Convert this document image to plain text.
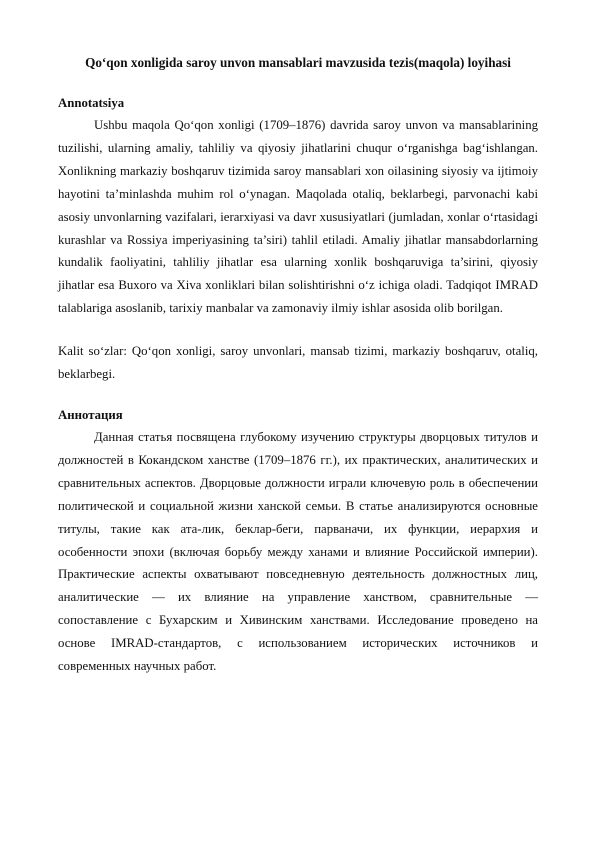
Qo‘qon xonligida saroy unvon mansablari mavzusida tezis(maqola) loyihasi

Annotatsiya

Ushbu maqola Qo‘qon xonligi (1709–1876) davrida saroy unvon va mansablarining tuzilishi, ularning amaliy, tahliliy va qiyosiy jihatlarini chuqur o‘rganishga bag‘ishlangan. Xonlikning markaziy boshqaruv tizimida saroy mansablari xon oilasining siyosiy va ijtimoiy hayotini ta’minlashda muhim rol o‘ynagan. Maqolada otaliq, beklarbegi, parvonachi kabi asosiy unvonlarning vazifalari, ierarxiyasi va davr xususiyatlari (jumladan, xonlar o‘rtasidagi kurashlar va Rossiya imperiyasining ta’siri) tahlil etiladi. Amaliy jihatlar mansabdorlarning kundalik faoliyatini, tahliliy jihatlar esa ularning xonlik boshqaruviga ta’sirini, qiyosiy jihatlar esa Buxoro va Xiva xonliklari bilan solishtirishni o‘z ichiga oladi. Tadqiqot IMRAD talablariga asoslanib, tarixiy manbalar va zamonaviy ilmiy ishlar asosida olib borilgan.

Kalit so‘zlar: Qo‘qon xonligi, saroy unvonlari, mansab tizimi, markaziy boshqaruv, otaliq, beklarbegi.

Аннотация

Данная статья посвящена глубокому изучению структуры дворцовых титулов и должностей в Кокандском ханстве (1709–1876 гг.), их практических, аналитических и сравнительных аспектов. Дворцовые должности играли ключевую роль в обеспечении политической и социальной жизни ханской семьи. В статье анализируются основные титулы, такие как ата-лик, беклар-беги, парваначи, их функции, иерархия и особенности эпохи (включая борьбу между ханами и влияние Российской империи). Практические аспекты охватывают повседневную деятельность должностных лиц, аналитические — их влияние на управление ханством, сравнительные — сопоставление с Бухарским и Хивинским ханствами. Исследование проведено на основе IMRAD-стандартов, с использованием исторических источников и современных научных работ.
